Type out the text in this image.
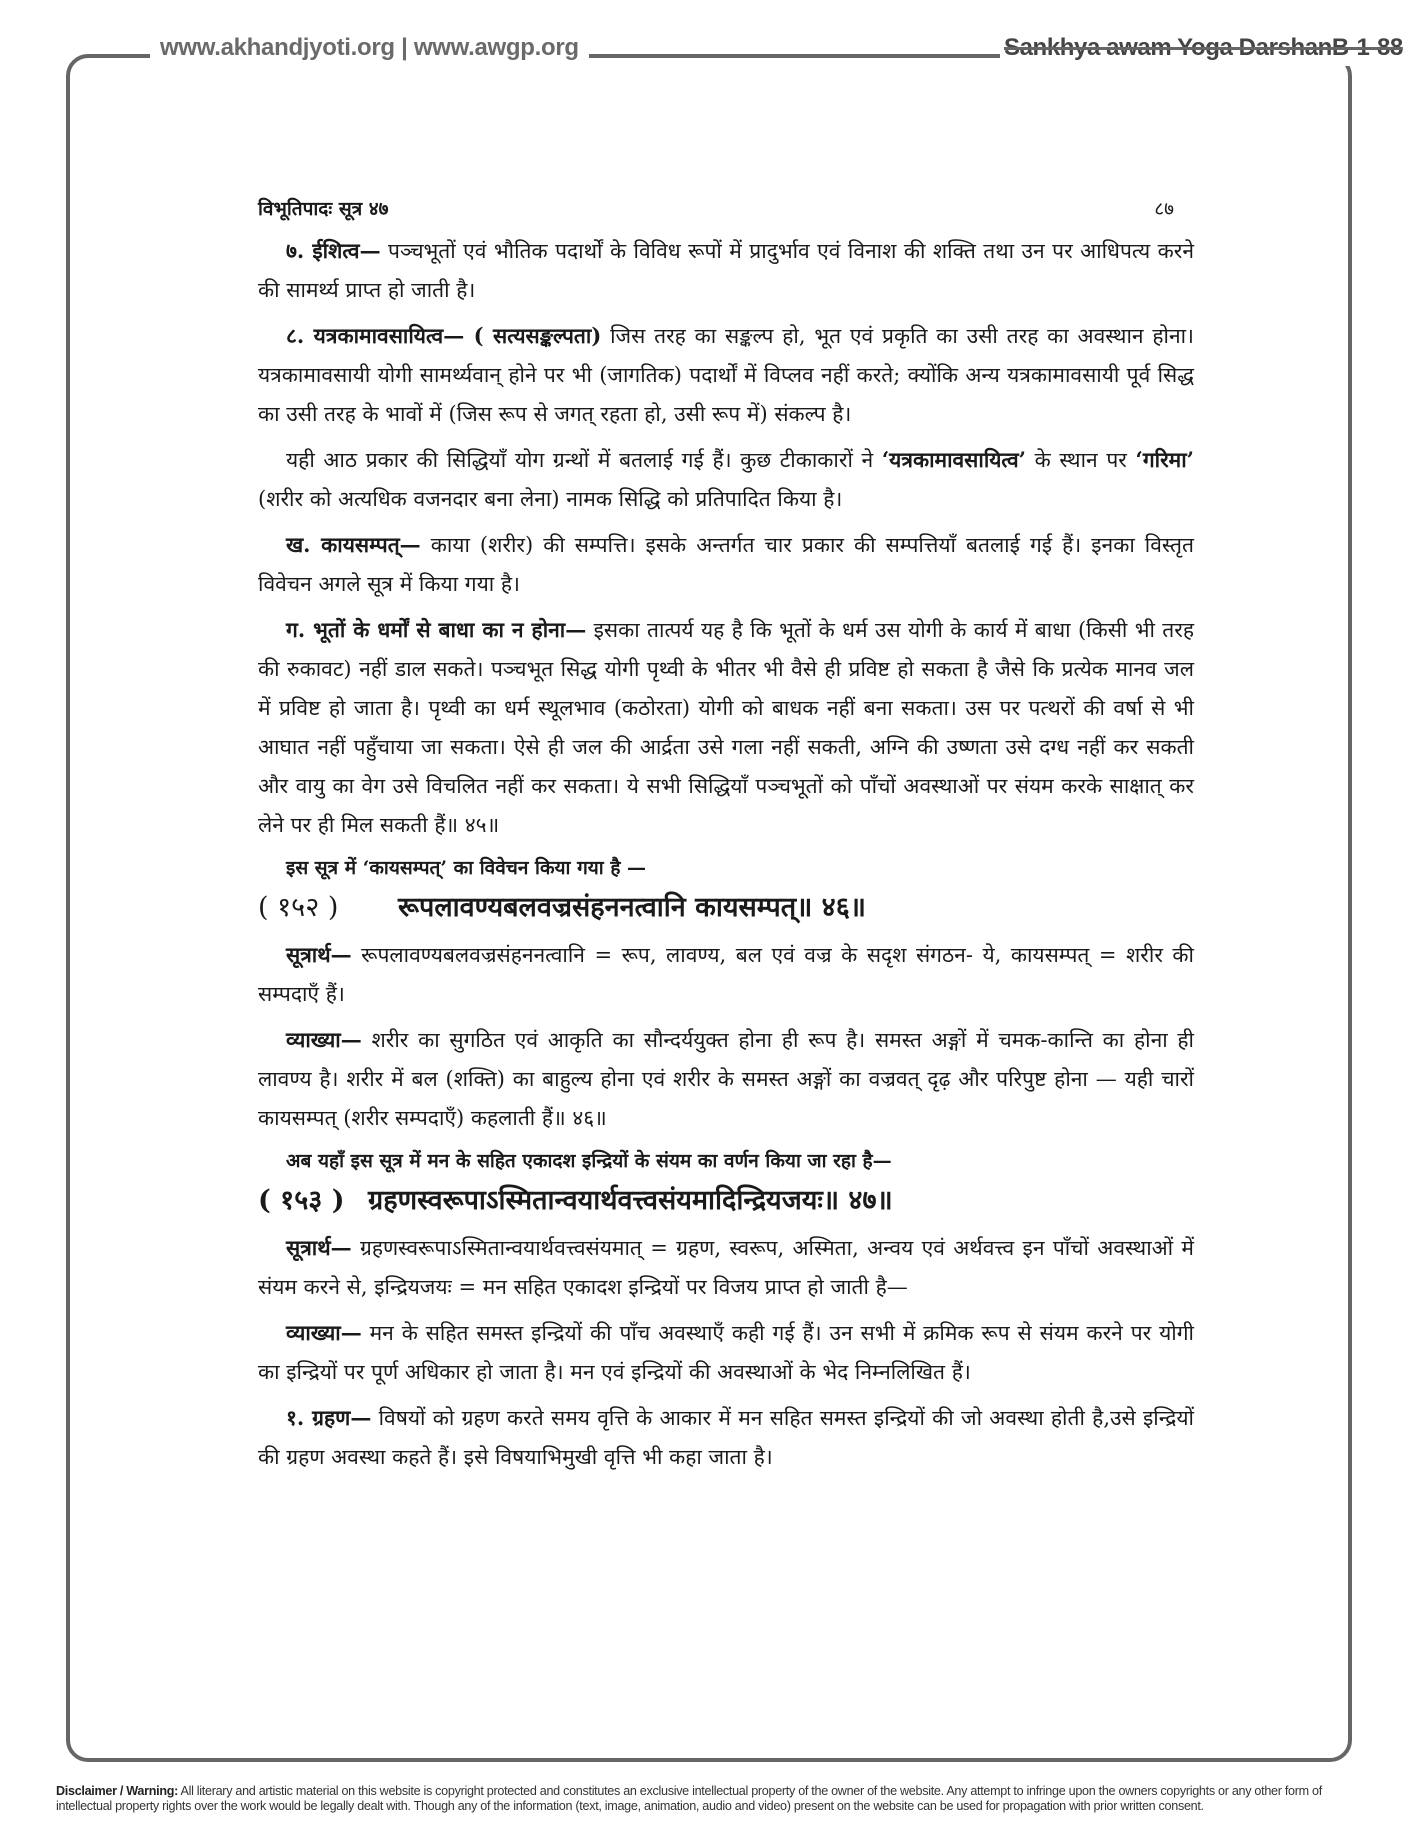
www.akhandjyoti.org | www.awgp.org	Sankhya awam Yoga DarshanB-1-88
विभूतिपादः सूत्र ४७	८७

७. ईशित्व— पञ्चभूतों एवं भौतिक पदार्थों के विविध रूपों में प्रादुर्भाव एवं विनाश की शक्ति तथा उन पर आधिपत्य करने की सामर्थ्य प्राप्त हो जाती है।

८. यत्रकामावसायित्व— ( सत्यसङ्कल्पता) जिस तरह का सङ्कल्प हो, भूत एवं प्रकृति का उसी तरह का अवस्थान होना। यत्रकामावसायी योगी सामर्थ्यवान् होने पर भी (जागतिक) पदार्थों में विप्लव नहीं करते; क्योंकि अन्य यत्रकामावसायी पूर्व सिद्ध का उसी तरह के भावों में (जिस रूप से जगत् रहता हो, उसी रूप में) संकल्प है।

यही आठ प्रकार की सिद्धियाँ योग ग्रन्थों में बतलाई गई हैं। कुछ टीकाकारों ने ‘यत्रकामावसायित्व’ के स्थान पर ‘गरिमा’ (शरीर को अत्यधिक वजनदार बना लेना) नामक सिद्धि को प्रतिपादित किया है।

ख. कायसम्पत्— काया (शरीर) की सम्पत्ति। इसके अन्तर्गत चार प्रकार की सम्पत्तियाँ बतलाई गई हैं। इनका विस्तृत विवेचन अगले सूत्र में किया गया है।

ग. भूतों के धर्मों से बाधा का न होना— इसका तात्पर्य यह है कि भूतों के धर्म उस योगी के कार्य में बाधा (किसी भी तरह की रुकावट) नहीं डाल सकते। पञ्चभूत सिद्ध योगी पृथ्वी के भीतर भी वैसे ही प्रविष्ट हो सकता है जैसे कि प्रत्येक मानव जल में प्रविष्ट हो जाता है। पृथ्वी का धर्म स्थूलभाव (कठोरता) योगी को बाधक नहीं बना सकता। उस पर पत्थरों की वर्षा से भी आघात नहीं पहुँचाया जा सकता। ऐसे ही जल की आर्द्रता उसे गला नहीं सकती, अग्नि की उष्णता उसे दग्ध नहीं कर सकती और वायु का वेग उसे विचलित नहीं कर सकता। ये सभी सिद्धियाँ पञ्चभूतों को पाँचों अवस्थाओं पर संयम करके साक्षात् कर लेने पर ही मिल सकती हैं॥ ४५॥

इस सूत्र में ‘कायसम्पत्’ का विवेचन किया गया है —
( १५२ ) रूपलावण्यबलवज्रसंहननत्वानि कायसम्पत्॥ ४६॥

सूत्रार्थ— रूपलावण्यबलवज्रसंहननत्वानि = रूप, लावण्य, बल एवं वज्र के सदृश संगठन- ये, कायसम्पत् = शरीर की सम्पदाएँ हैं।

व्याख्या— शरीर का सुगठित एवं आकृति का सौन्दर्ययुक्त होना ही रूप है। समस्त अङ्गों में चमक-कान्ति का होना ही लावण्य है। शरीर में बल (शक्ति) का बाहुल्य होना एवं शरीर के समस्त अङ्गों का वज्रवत् दृढ़ और परिपुष्ट होना — यही चारों कायसम्पत् (शरीर सम्पदाएँ) कहलाती हैं॥ ४६॥

अब यहाँ इस सूत्र में मन के सहित एकादश इन्द्रियों के संयम का वर्णन किया जा रहा है—
( १५३ ) ग्रहणस्वरूपाऽस्मितान्वयार्थवत्त्वसंयमादिन्द्रियजयः॥ ४७॥

सूत्रार्थ— ग्रहणस्वरूपाऽस्मितान्वयार्थवत्त्वसंयमात् = ग्रहण, स्वरूप, अस्मिता, अन्वय एवं अर्थवत्त्व इन पाँचों अवस्थाओं में संयम करने से, इन्द्रियजयः = मन सहित एकादश इन्द्रियों पर विजय प्राप्त हो जाती है—

व्याख्या— मन के सहित समस्त इन्द्रियों की पाँच अवस्थाएँ कही गई हैं। उन सभी में क्रमिक रूप से संयम करने पर योगी का इन्द्रियों पर पूर्ण अधिकार हो जाता है। मन एवं इन्द्रियों की अवस्थाओं के भेद निम्नलिखित हैं।

१. ग्रहण— विषयों को ग्रहण करते समय वृत्ति के आकार में मन सहित समस्त इन्द्रियों की जो अवस्था होती है,उसे इन्द्रियों की ग्रहण अवस्था कहते हैं। इसे विषयाभिमुखी वृत्ति भी कहा जाता है।

Disclaimer / Warning: All literary and artistic material on this website is copyright protected and constitutes an exclusive intellectual property of the owner of the website. Any attempt to infringe upon the owners copyrights or any other form of intellectual property rights over the work would be legally dealt with. Though any of the information (text, image, animation, audio and video) present on the website can be used for propagation with prior written consent.
